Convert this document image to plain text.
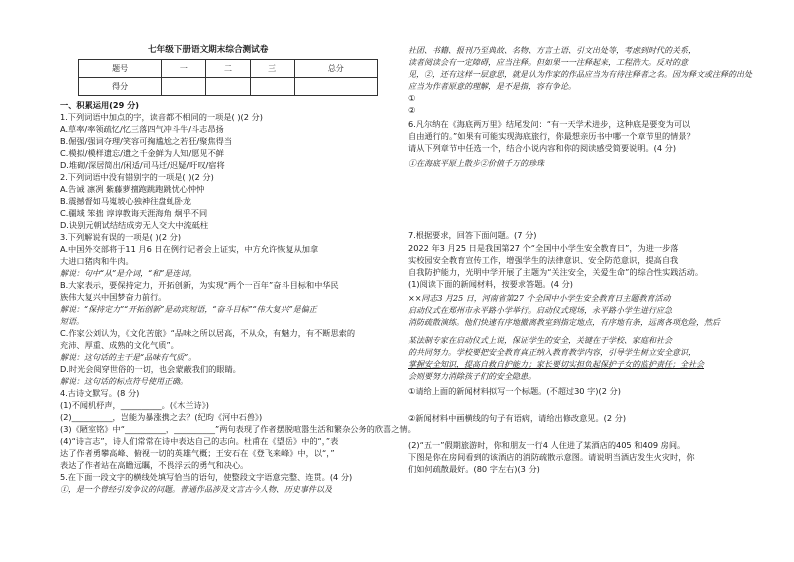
七年级下册语文期末综合测试卷
题号	一	二	三	总分
得分				
一、积累运用(29 分)
1.下列词语中加点的字，读音都不相同的一项是( )(2 分)
A.草率/率领疏忆/忆三落四气冲斗牛/斗志昂扬
B.倔强/强词夺理/笑容可掬尴尬之若狂/聚焦得当
C.模拟/模样遗忘/遗之千金鲜为人知/愿见不鲜
D.堆砌/深居简出/闲适/司马迁/迟疑/吁叹/宿将
2.下列词语中没有错别字的一项是( )(2 分)
A.告诫 凛冽 紫藤萝擅跑跳跑跳忧心忡忡
B.震撼督如马嵬坡心独神往盘虬卧龙
C.疆域 笨拙 谆谆教诲天涯海角 炯乎不同
D.诀别元朝试结结成旁无人交大中流砥柱
3.下列解说有误的一项是( )(2 分)
A.中国外交部将于11 月6 日在例行记者会上证实，中方允许恢复从加拿
大进口猪肉和牛肉。
解说：句中“从”是介词，“和”是连词。
B.大家表示，要保持定力，开拓创新，为实现“两个一百年”奋斗目标和中华民
族伟大复兴中国梦奋力前行。
解说：“保持定力”“开拓创新”是动宾短语，“奋斗目标”“伟大复兴”是偏正
短语。
C.作家公刘认为，《文化苦旅》“品味之所以居高，不从众，有魅力，有不断思索的
充沛、厚重、成熟的文化气质”。
解说：这句话的主干是“品味有气质”。
D.时光会阅穿世俗的一切，也会蒙蔽我们的眼睛。
解说：这句话的标点符号使用正确。
4.古诗文默写。(8 分)
(1)不闻机杼声，__________。(《木兰诗》)
(2)__________，岂能为暴涨携之去？(纪昀《河中石兽》)
(3)《陋室铭》中“__________，__________”两句表现了作者摆脱喧嚣生活和繁杂公务的欣喜之情。
(4)“诗言志”，诗人们常常在诗中表达自己的志向。杜甫在《望岳》中的“，”表
达了作者勇攀高峰、俯视一切的英雄气概；王安石在《登飞来峰》中，以“，”
表达了作者站在高瞻远瞩，不畏浮云的勇气和决心。
5.在下面一段文字的横线处填写恰当的语句，使整段文字语意完整、连贯。(4 分)
①，是一个曾经引发争议的问题。普通作品涉及文言古今人物、历史事件以及
社团、书籍、报刊乃至典故、名物、方言土语、引文出处等，考虑到时代的关系，
读者阅读会有一定障碍，应当注释。但如果一一注释起来，工程浩大。反对的意
见，②，还有这样一层意思，就是认为作家的作品应当为有待注释者之名。因为释文或注释的出处
应当为作者原意的理解，是不是指，容有争论。
①
②
6.凡尔纳在《海底两万里》结尾发问：“有一天学术进步，这种底是要变为可以
自由通行的。”如果有可能实现海底旅行，你最想亲历书中哪一个章节里的情景？
请从下列章节中任选一个，结合小说内容和你的阅读感受简要说明。(4 分)
①在海底平原上散步②价值千万的珍珠
7.根据要求，回答下面问题。(7 分)
2022 年3 月25 日是我国第27 个“全国中小学生安全教育日”，为进一步落
实校园安全教育宣传工作，增强学生的法律意识、安全防范意识，提高自我
自我防护能力，光明中学开展了主题为“关注安全，关爱生命”的综合性实践活动。
(1)阅读下面的新闻材料，按要求答题。(4 分)
××同志3 月25 日，河南省第27 个全国中小学生安全教育日主题教育活动
启动仪式在郑州市永平路小学举行。启动仪式现场，永平路小学生进行应急
消防疏散演练。他们快速有序地撤离教室到指定地点，有序地有条，远离各项危险，然后
某法制专家在启动仪式上说，保证学生的安全，关键在于学校、家庭和社会
的共同努力。学校要把安全教育真正纳入教育教学内容，引导学生树立安全意识，
掌握安全知识，提高自救自护能力；家长要切实担负起保护子女的监护责任；全社会
会则要努力消除孩子们的安全隐患。
①请给上面的新闻材料拟写一个标题。(不超过30 字)(2 分)
②新闻材料中画横线的句子有语病，请给出修改意见。(2 分)
(2)“五一”假期旅游时，你和朋友一行4 人住进了某酒店的405 和409 房间。
下图是你在房间看到的该酒店的消防疏散示意图。请说明当酒店发生火灾时，你
们如何疏散最好。(80 字左右)(3 分)
